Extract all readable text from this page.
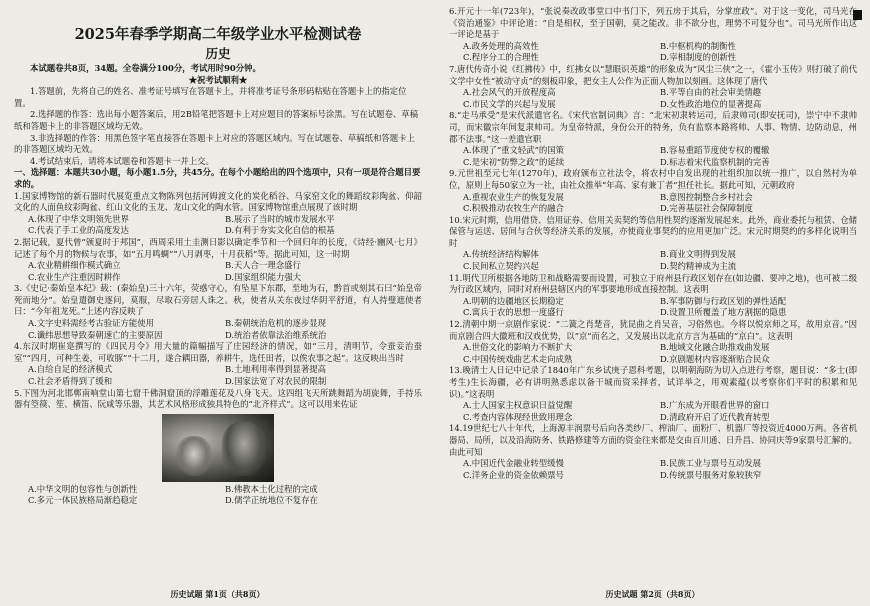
2025年春季学期高二年级学业水平检测试卷
历史
本试题卷共8页，34题。全卷满分100分，考试用时90分钟。
★祝考试顺利★
1.答题前，先将自己的姓名、准考证号填写在答题卡上，并将准考证号条形码粘贴在答题卡上的指定位置。
2.选择题的作答：选出每小题答案后，用2B铅笔把答题卡上对应题目的答案标号涂黑。写在试题卷、草稿纸和答题卡上的非答题区域均无效。
3.非选择题的作答：用黑色签字笔直接答在答题卡上对应的答题区域内。写在试题卷、草稿纸和答题卡上的非答题区域均无效。
4.考试结束后，请将本试题卷和答题卡一并上交。
一、选择题：本题共30小题，每小题1.5分，共45分。在每个小题给出的四个选项中，只有一项是符合题目要求的。
1.国家博物馆的新石器时代展览重点文物陈列包括河姆渡文化的炭化稻谷、马家窑文化的舞蹈纹彩陶盆、仰韶文化的人面鱼纹彩陶盆、红山文化的玉龙、龙山文化的陶水管。国家博物馆重点展现了该时期
A.体现了中华文明领先世界	B.展示了当时的城市发展水平
C.代表了手工业的高度发达	D.有利于夯实文化自信的根基
2.据记载，夏代曾“颁夏时于邦国”，西周采用土圭测日影以确定季节和一个回归年的长度，《诗经·豳风·七月》记述了每个月的物候与农事，如“五月鸣蜩”“八月剥枣，十月获稻”等。据此可知，这一时期
A.农业精耕细作模式确立	B.天人合一理念盛行
C.农业生产注重因时耕作	D.国家组织能力强大
3.《史记·秦始皇本纪》载：(秦始皇)三十六年，荧惑守心，有坠星下东郡，至地为石，黔首或刻其石曰“始皇帝死而地分”。始皇遣御史逐问，莫服，尽取石旁居人诛之。秋，使者从关东夜过华阴平舒道，有人持璧遮使者曰：“今年祖龙死。”上述内容反映了
A.文字史料需经考古验证方能使用	B.秦朝统治危机的逐步显现
C.谶纬思想导致秦朝速亡的主要原因	D.统治者依靠法治维系统治
4.东汉时期崔寔撰写的《四民月令》用大量的篇幅描写了庄园经济的情况，如“三月，清明节，令蚕妾治蚕室”“四月，可种生姜，可收豚”“十二月，遂合耦田器，养耕牛，选任田者，以俟农事之起”。这反映出当时
A.自给自足的经济模式	B.土地利用率得到显著提高
C.社会矛盾得到了缓和	D.国家法宽了对农民的限制
5.下图为河北邯郸南响堂山第七窟千佛洞窟顶的浮雕莲花及八身飞天。这四组飞天所跳舞蹈为胡旋舞，手持乐器有箜篌、笙、横笛、阮咸等乐器，其艺术风格形成独具特色的“北齐样式”。这可以用来佐证
A.中华文明的包容性与创新性	B.佛教本土化过程的完成
C.多元一体民族格局渐趋稳定	D.儒学正统地位不复存在
历史试题 第1页（共8页）
6.开元十一年(723年)，“张说奏改政事堂口中书门下，列五房于其后，分掌庶政”。对于这一变化，司马光在《资治通鉴》中评论道：“自是相权，至于国朝，莫之能改。非不欲分也，理势不可复分也”。司马光所作出这一评论是基于
A.政务处理的高效性	B.中枢机构的制衡性
C.程序分工的合理性	D.宰相制度的创新性
7.唐代传奇小说《红拂传》中，红拂女以“慧眼识英雄”的形象成为“风尘三侠”之一，《霍小玉传》则打破了前代文学中女性“被动守贞”的刻板印象，把女主人公作为正面人物加以刻画。这体现了唐代
A.社会风气的开放程度高	B.平等自由的社会审美情趣
C.市民文学的兴起与发展	D.女性政治地位的显著提高
8.“走马承受”是宋代派遣官名。《宋代官制词典》言：“北宋初隶转运司，后隶帅司(即安抚司)，崇宁中不隶帅司，而宋徽宗年间复隶帅司。为皇帝特派，身份公开的特务，负有监察本路将帅、人事、物情、边防动息，州郡不法事。”这一差遣官职
A.体现了“重文轻武”的国策	B.容易重蹈节度使专权的覆辙
C.是宋初“防弊之政”的延续	D.标志着宋代监察机制的完善
9.元世祖至元七年(1270年)，政府颁布立社法令，将农村中自发出现的社组织加以统一推广，以自然村为单位，原则上每50家立为一社，由社众推举“年高、家有兼丁者”担任社长。据此可知，元朝政府
A.重视农业生产的恢复发展	B.意图控制整合乡村社会
C.积极推动农牧生产的融合	D.完善基层社会保障制度
10.宋元时期，信用借贷、信用证券、信用关卖契约等信用性契约逐渐发展起来。此外，商业委托与租赁、仓储保管与运送、居间与合伙等经济关系的发展，亦使商业事契约的应用更加广泛。宋元时期契约的多样化说明当时
A.传统经济结构解体	B.商业文明得到发展
C.民间私立契约兴起	D.契约精神成为主流
11.明代卫所根据各地防卫和战略需要而设置，可独立于府州县行政区划存在(如边疆、要冲之地)，也可被二级为行政区域内，同时对府州县辖区内的军事要地形成直接控制。这表明
A.明朝的边疆地区长期稳定	B.军事防御与行政区划的弹性适配
C.寓兵于农的思想一度盛行	D.设置卫所覆盖了地方割据的隐患
12.清朝中期一京剧作家说：“二簧之肖楚音，犹昆曲之肖吴音，习俗然也。今将以悦京师之耳，故用京音。”因而京剧合四大徽班和汉戏优势，以“京”而名之，又发展出以北京方言为基础的“京白”。这表明
A.世俗文化的影响力不断扩大	B.地域文化融合助推戏曲发展
C.中国传统戏曲艺术走向成熟	D.京剧题材内容逐渐贴合民众
13.晚清士人日记中记录了1840年广东乡试庚子恩科考题，以明朝海防为切入点进行考察，题目说：“多士(即考生)生长海疆，必有讲明熟悉虑以备干城而资采择者，试详举之，用观素蕴(以考察你们平时的积累和见识)。”这表明
A.士人国家主权意识日益觉醒	B.广东成为开眼看世界的窗口
C.考查内容体现经世致用理念	D.清政府开启了近代教育转型
14.19世纪七八十年代，上海源丰润票号后向各类纱厂、榨油厂、面粉厂、机器厂等投资近4000万两。各省机器局、局所，以及沿海防务、铁路修建等方面的资金往来都是交由百川通、日升昌、协同庆等9家票号汇解的。由此可知
A.中国近代金融业转型缓慢	B.民族工业与票号互动发展
C.洋务企业的资金依赖票号	D.传统票号服务对象较狭窄
历史试题 第2页（共8页）
